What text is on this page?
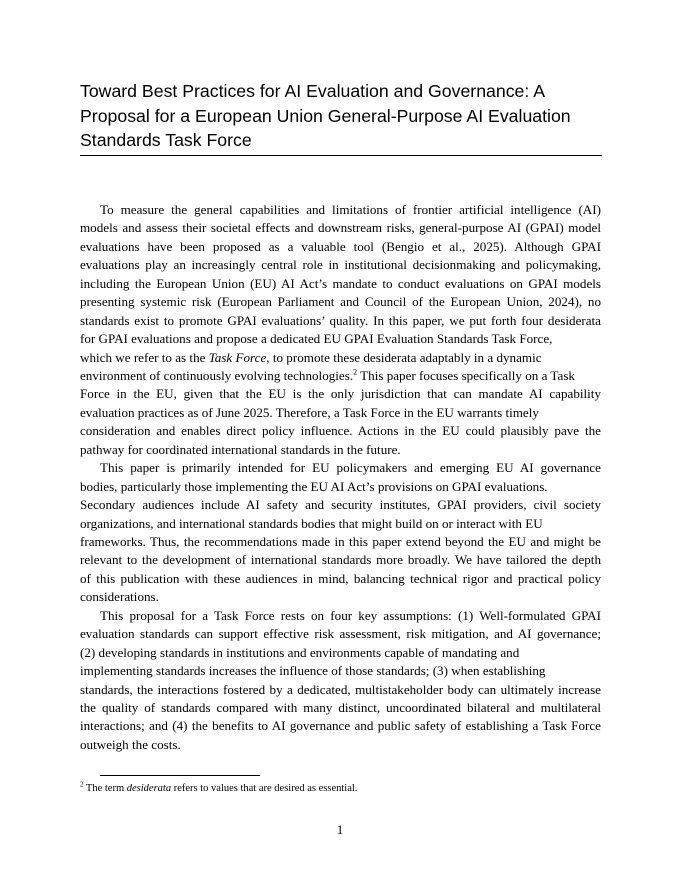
Toward Best Practices for AI Evaluation and Governance: A
Proposal for a European Union General-Purpose AI Evaluation
Standards Task Force
To measure the general capabilities and limitations of frontier artificial intelligence (AI)
models and assess their societal effects and downstream risks, general-purpose AI (GPAI) model
evaluations have been proposed as a valuable tool (Bengio et al., 2025). Although GPAI
evaluations play an increasingly central role in institutional decisionmaking and policymaking,
including the European Union (EU) AI Act’s mandate to conduct evaluations on GPAI models
presenting systemic risk (European Parliament and Council of the European Union, 2024), no
standards exist to promote GPAI evaluations’ quality. In this paper, we put forth four desiderata
for GPAI evaluations and propose a dedicated EU GPAI Evaluation Standards Task Force,
which we refer to as the Task Force, to promote these desiderata adaptably in a dynamic
environment of continuously evolving technologies.$^2$ This paper focuses specifically on a Task
Force in the EU, given that the EU is the only jurisdiction that can mandate AI capability
evaluation practices as of June 2025. Therefore, a Task Force in the EU warrants timely
consideration and enables direct policy influence. Actions in the EU could plausibly pave the
pathway for coordinated international standards in the future.
This paper is primarily intended for EU policymakers and emerging EU AI governance
bodies, particularly those implementing the EU AI Act’s provisions on GPAI evaluations.
Secondary audiences include AI safety and security institutes, GPAI providers, civil society
organizations, and international standards bodies that might build on or interact with EU
frameworks. Thus, the recommendations made in this paper extend beyond the EU and might be
relevant to the development of international standards more broadly. We have tailored the depth
of this publication with these audiences in mind, balancing technical rigor and practical policy
considerations.
This proposal for a Task Force rests on four key assumptions: (1) Well-formulated GPAI
evaluation standards can support effective risk assessment, risk mitigation, and AI governance;
(2) developing standards in institutions and environments capable of mandating and
implementing standards increases the influence of those standards; (3) when establishing
standards, the interactions fostered by a dedicated, multistakeholder body can ultimately increase
the quality of standards compared with many distinct, uncoordinated bilateral and multilateral
interactions; and (4) the benefits to AI governance and public safety of establishing a Task Force
outweigh the costs.
$^2$ The term desiderata refers to values that are desired as essential.
1
